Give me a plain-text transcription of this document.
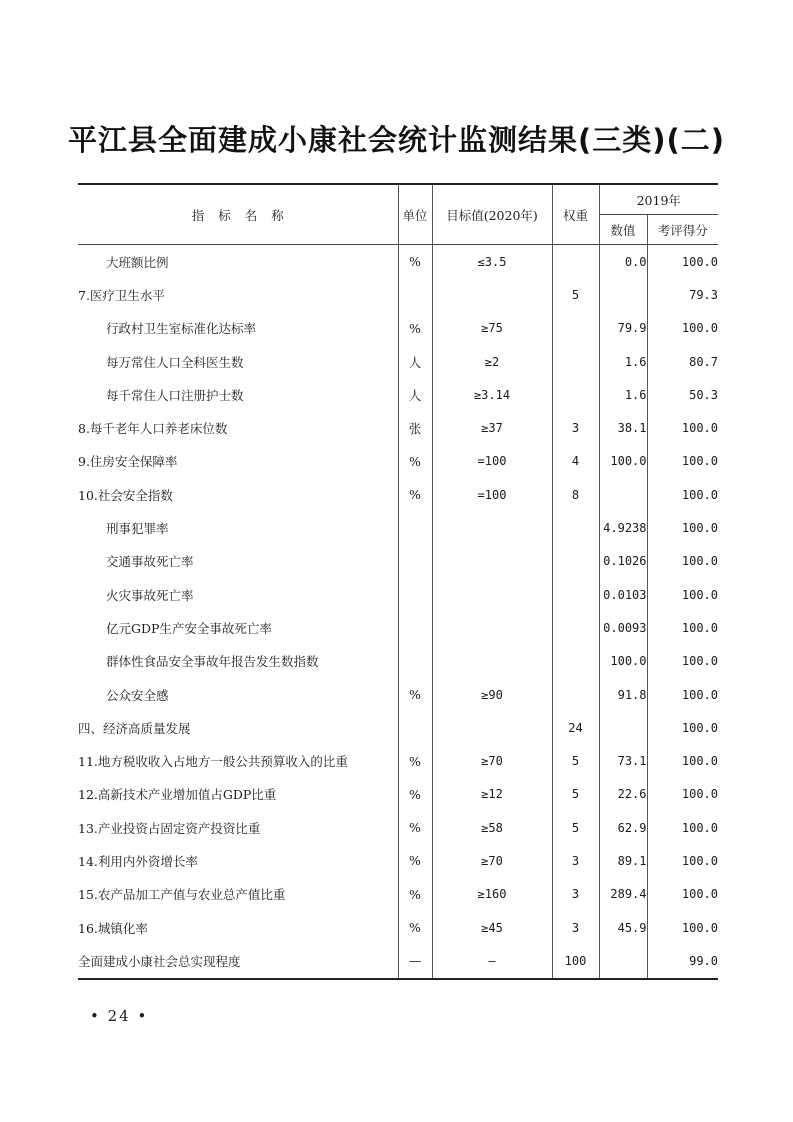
平江县全面建成小康社会统计监测结果(三类)(二)
指标名称	单位	目标值(2020年)	权重	2019年	
				数值	考评得分
大班额比例	%	≤3.5		0.0	100.0
7.医疗卫生水平			5		79.3
行政村卫生室标准化达标率	%	≥75		79.9	100.0
每万常住人口全科医生数	人	≥2		1.6	80.7
每千常住人口注册护士数	人	≥3.14		1.6	50.3
8.每千老年人口养老床位数	张	≥37	3	38.1	100.0
9.住房安全保障率	%	=100	4	100.0	100.0
10.社会安全指数	%	=100	8		100.0
刑事犯罪率				4.9238	100.0
交通事故死亡率				0.1026	100.0
火灾事故死亡率				0.0103	100.0
亿元GDP生产安全事故死亡率				0.0093	100.0
群体性食品安全事故年报告发生数指数				100.0	100.0
公众安全感	%	≥90		91.8	100.0
四、经济高质量发展			24		100.0
11.地方税收收入占地方一般公共预算收入的比重	%	≥70	5	73.1	100.0
12.高新技术产业增加值占GDP比重	%	≥12	5	22.6	100.0
13.产业投资占固定资产投资比重	%	≥58	5	62.9	100.0
14.利用内外资增长率	%	≥70	3	89.1	100.0
15.农产品加工产值与农业总产值比重	%	≥160	3	289.4	100.0
16.城镇化率	%	≥45	3	45.9	100.0
全面建成小康社会总实现程度	—	—	100		99.0
• 24 •
